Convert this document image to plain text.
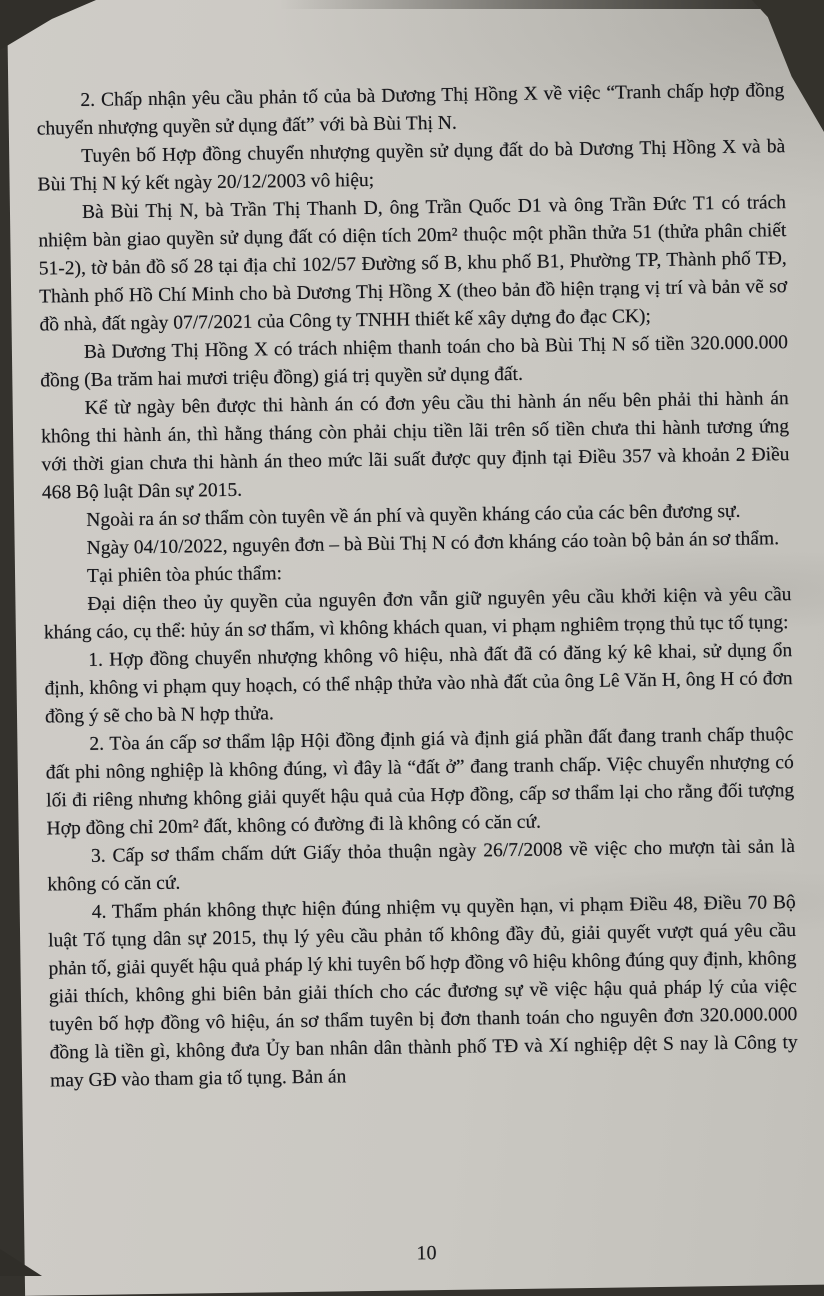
2. Chấp nhận yêu cầu phản tố của bà Dương Thị Hồng X về việc “Tranh chấp hợp đồng chuyển nhượng quyền sử dụng đất” với bà Bùi Thị N.

Tuyên bố Hợp đồng chuyển nhượng quyền sử dụng đất do bà Dương Thị Hồng X và bà Bùi Thị N ký kết ngày 20/12/2003 vô hiệu;

Bà Bùi Thị N, bà Trần Thị Thanh D, ông Trần Quốc D1 và ông Trần Đức T1 có trách nhiệm bàn giao quyền sử dụng đất có diện tích 20m² thuộc một phần thửa 51 (thửa phân chiết 51-2), tờ bản đồ số 28 tại địa chỉ 102/57 Đường số B, khu phố B1, Phường TP, Thành phố TĐ, Thành phố Hồ Chí Minh cho bà Dương Thị Hồng X (theo bản đồ hiện trạng vị trí và bản vẽ sơ đồ nhà, đất ngày 07/7/2021 của Công ty TNHH thiết kế xây dựng đo đạc CK);

Bà Dương Thị Hồng X có trách nhiệm thanh toán cho bà Bùi Thị N số tiền 320.000.000 đồng (Ba trăm hai mươi triệu đồng) giá trị quyền sử dụng đất.

Kể từ ngày bên được thi hành án có đơn yêu cầu thi hành án nếu bên phải thi hành án không thi hành án, thì hằng tháng còn phải chịu tiền lãi trên số tiền chưa thi hành tương ứng với thời gian chưa thi hành án theo mức lãi suất được quy định tại Điều 357 và khoản 2 Điều 468 Bộ luật Dân sự 2015.

Ngoài ra án sơ thẩm còn tuyên về án phí và quyền kháng cáo của các bên đương sự.

Ngày 04/10/2022, nguyên đơn – bà Bùi Thị N có đơn kháng cáo toàn bộ bản án sơ thẩm.

Tại phiên tòa phúc thẩm:

Đại diện theo ủy quyền của nguyên đơn vẫn giữ nguyên yêu cầu khởi kiện và yêu cầu kháng cáo, cụ thể: hủy án sơ thẩm, vì không khách quan, vi phạm nghiêm trọng thủ tục tố tụng:

1. Hợp đồng chuyển nhượng không vô hiệu, nhà đất đã có đăng ký kê khai, sử dụng ổn định, không vi phạm quy hoạch, có thể nhập thửa vào nhà đất của ông Lê Văn H, ông H có đơn đồng ý sẽ cho bà N hợp thửa.

2. Tòa án cấp sơ thẩm lập Hội đồng định giá và định giá phần đất đang tranh chấp thuộc đất phi nông nghiệp là không đúng, vì đây là “đất ở” đang tranh chấp. Việc chuyển nhượng có lối đi riêng nhưng không giải quyết hậu quả của Hợp đồng, cấp sơ thẩm lại cho rằng đối tượng Hợp đồng chỉ 20m² đất, không có đường đi là không có căn cứ.

3. Cấp sơ thẩm chấm dứt Giấy thỏa thuận ngày 26/7/2008 về việc cho mượn tài sản là không có căn cứ.

4. Thẩm phán không thực hiện đúng nhiệm vụ quyền hạn, vi phạm Điều 48, Điều 70 Bộ luật Tố tụng dân sự 2015, thụ lý yêu cầu phản tố không đầy đủ, giải quyết vượt quá yêu cầu phản tố, giải quyết hậu quả pháp lý khi tuyên bố hợp đồng vô hiệu không đúng quy định, không giải thích, không ghi biên bản giải thích cho các đương sự về việc hậu quả pháp lý của việc tuyên bố hợp đồng vô hiệu, án sơ thẩm tuyên bị đơn thanh toán cho nguyên đơn 320.000.000 đồng là tiền gì, không đưa Ủy ban nhân dân thành phố TĐ và Xí nghiệp dệt S nay là Công ty may GĐ vào tham gia tố tụng. Bản án

10
